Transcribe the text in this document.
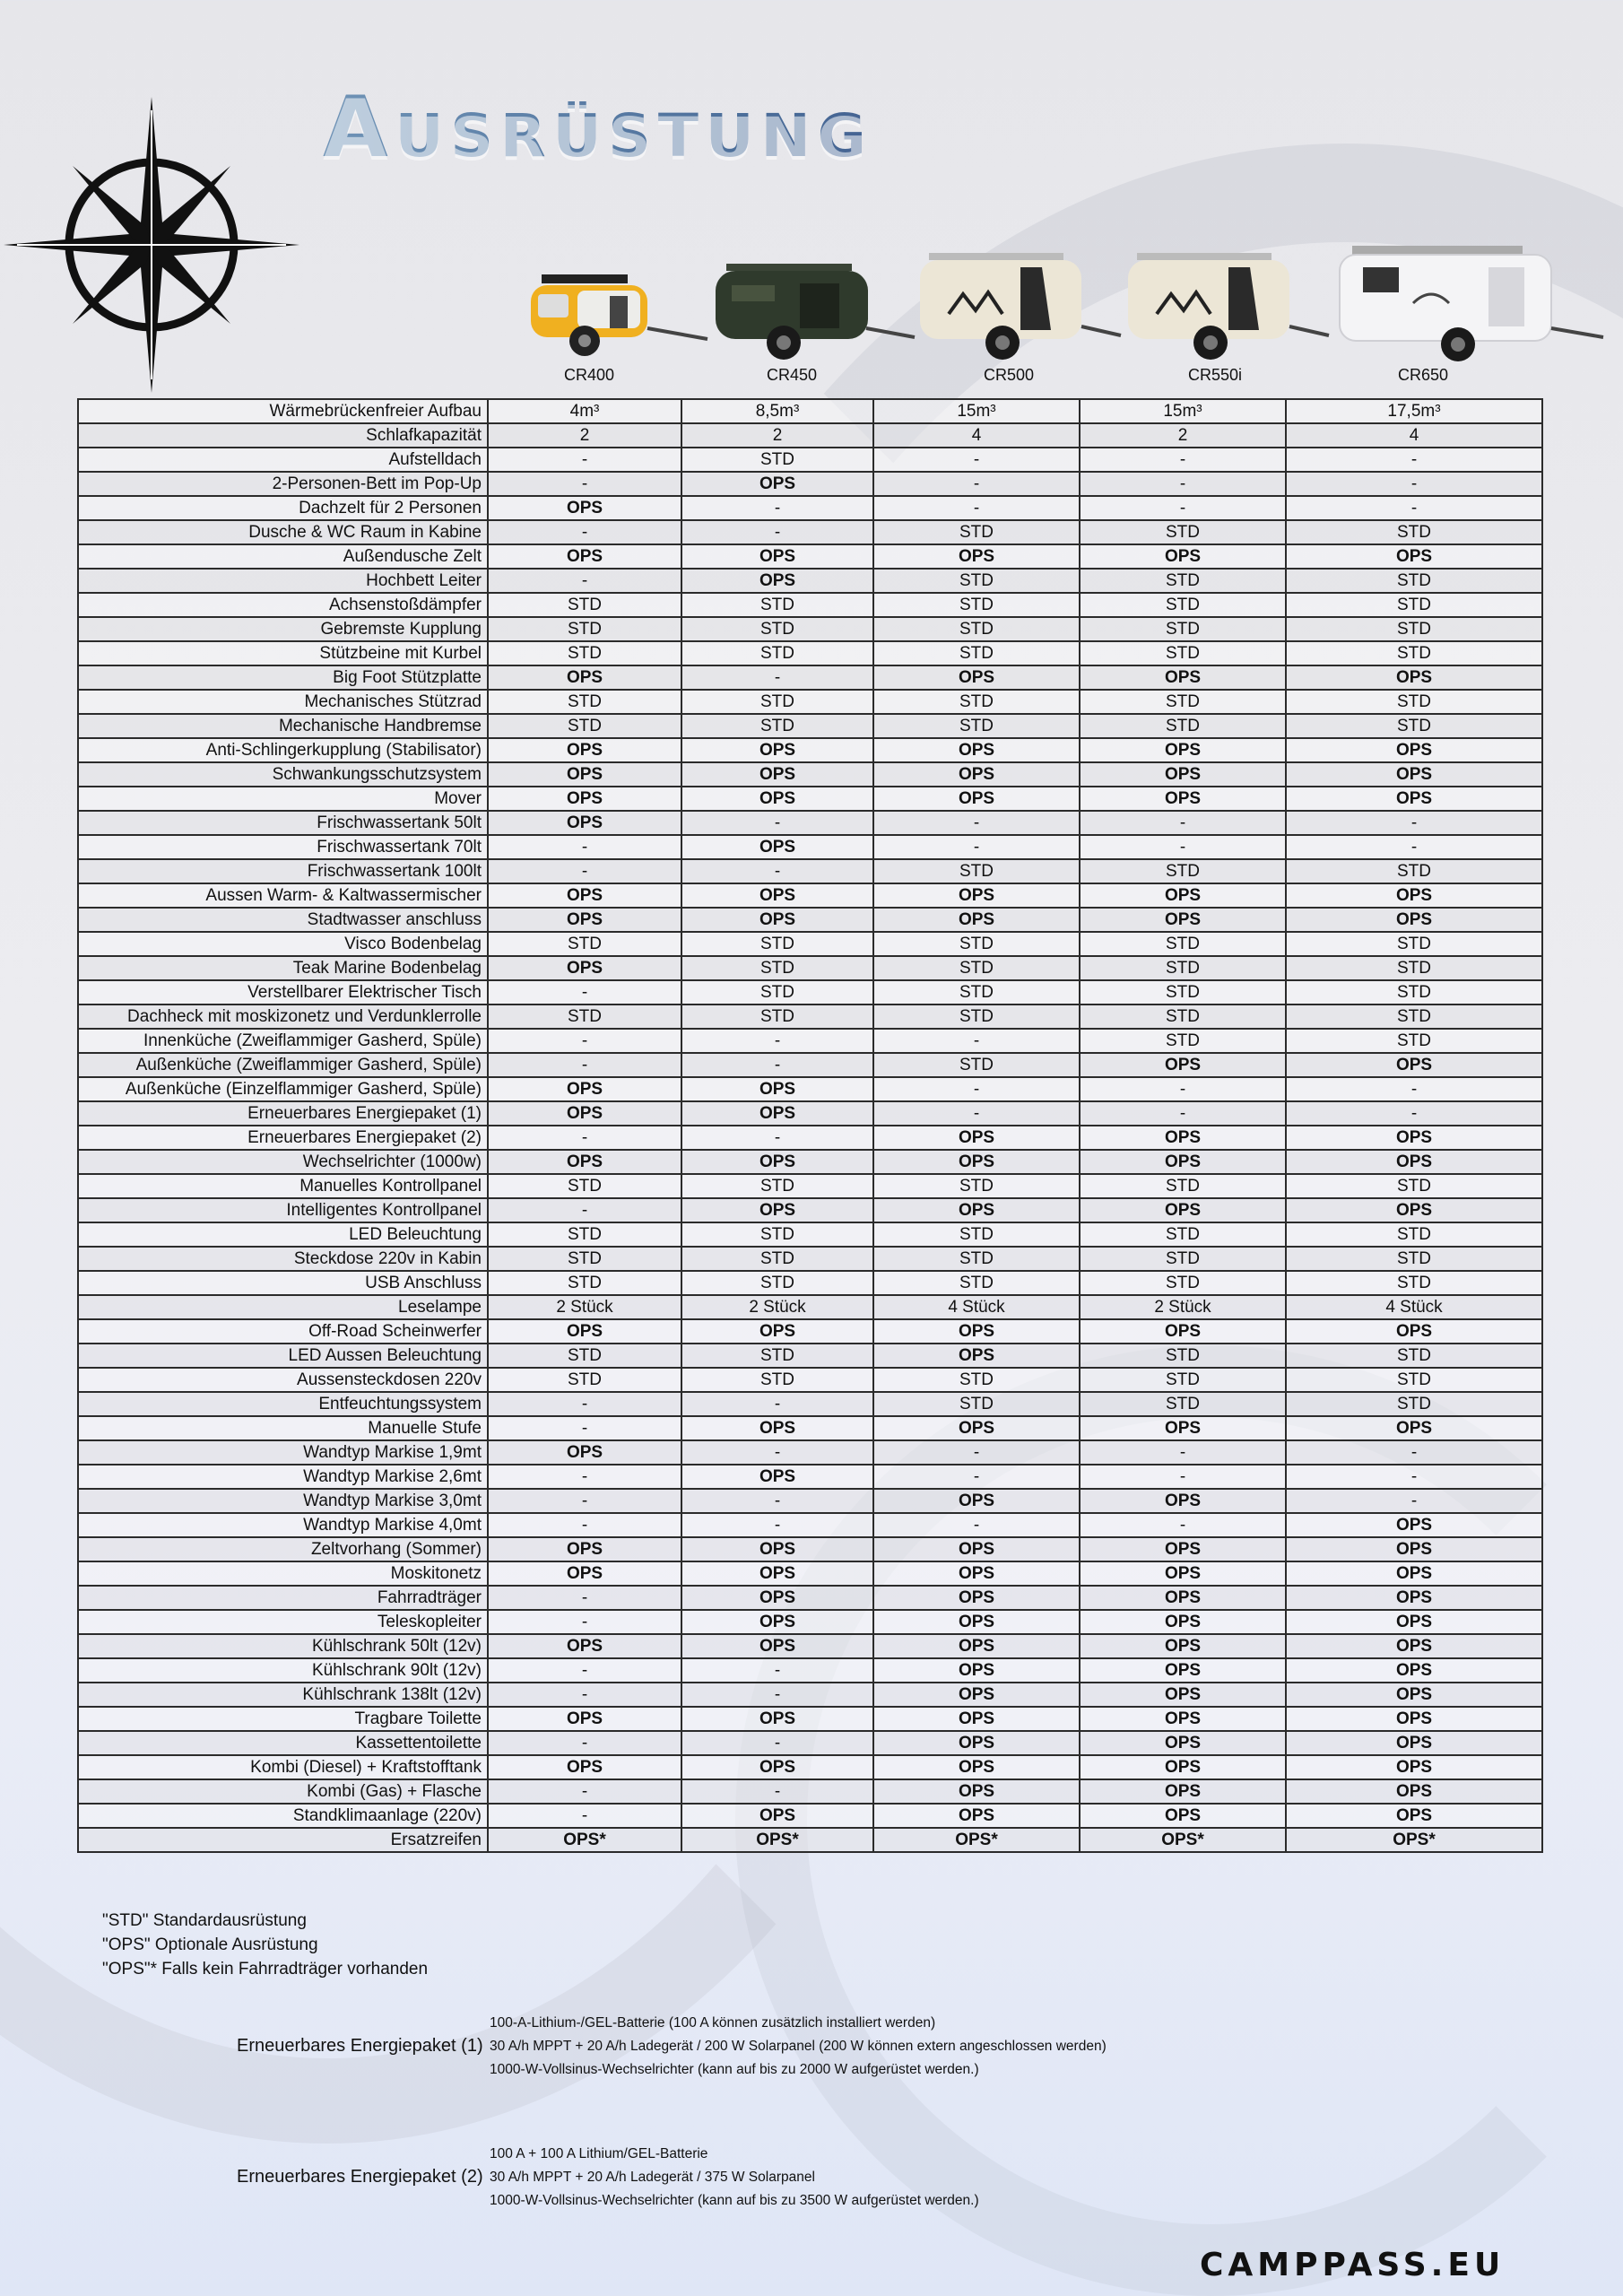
Ausrüstung
CR400	CR450	CR500	CR550i	CR650
Wärmebrückenfreier Aufbau	4m³	8,5m³	15m³	15m³	17,5m³
Schlafkapazität	2	2	4	2	4
Aufstelldach	-	STD	-	-	-
2-Personen-Bett im Pop-Up	-	OPS	-	-	-
Dachzelt für 2 Personen	OPS	-	-	-	-
Dusche & WC Raum in Kabine	-	-	STD	STD	STD
Außendusche Zelt	OPS	OPS	OPS	OPS	OPS
Hochbett Leiter	-	OPS	STD	STD	STD
Achsenstoßdämpfer	STD	STD	STD	STD	STD
Gebremste Kupplung	STD	STD	STD	STD	STD
Stützbeine mit Kurbel	STD	STD	STD	STD	STD
Big Foot Stützplatte	OPS	-	OPS	OPS	OPS
Mechanisches Stützrad	STD	STD	STD	STD	STD
Mechanische Handbremse	STD	STD	STD	STD	STD
Anti-Schlingerkupplung (Stabilisator)	OPS	OPS	OPS	OPS	OPS
Schwankungsschutzsystem	OPS	OPS	OPS	OPS	OPS
Mover	OPS	OPS	OPS	OPS	OPS
Frischwassertank 50lt	OPS	-	-	-	-
Frischwassertank 70lt	-	OPS	-	-	-
Frischwassertank 100lt	-	-	STD	STD	STD
Aussen Warm- & Kaltwassermischer	OPS	OPS	OPS	OPS	OPS
Stadtwasser anschluss	OPS	OPS	OPS	OPS	OPS
Visco Bodenbelag	STD	STD	STD	STD	STD
Teak Marine Bodenbelag	OPS	STD	STD	STD	STD
Verstellbarer Elektrischer Tisch	-	STD	STD	STD	STD
Dachheck mit moskizonetz und Verdunklerrolle	STD	STD	STD	STD	STD
Innenküche (Zweiflammiger Gasherd, Spüle)	-	-	-	STD	STD
Außenküche (Zweiflammiger Gasherd, Spüle)	-	-	STD	OPS	OPS
Außenküche (Einzelflammiger Gasherd, Spüle)	OPS	OPS	-	-	-
Erneuerbares Energiepaket (1)	OPS	OPS	-	-	-
Erneuerbares Energiepaket (2)	-	-	OPS	OPS	OPS
Wechselrichter (1000w)	OPS	OPS	OPS	OPS	OPS
Manuelles Kontrollpanel	STD	STD	STD	STD	STD
Intelligentes Kontrollpanel	-	OPS	OPS	OPS	OPS
LED Beleuchtung	STD	STD	STD	STD	STD
Steckdose 220v in Kabin	STD	STD	STD	STD	STD
USB Anschluss	STD	STD	STD	STD	STD
Leselampe	2 Stück	2 Stück	4 Stück	2 Stück	4 Stück
Off-Road Scheinwerfer	OPS	OPS	OPS	OPS	OPS
LED Aussen Beleuchtung	STD	STD	OPS	STD	STD
Aussensteckdosen 220v	STD	STD	STD	STD	STD
Entfeuchtungssystem	-	-	STD	STD	STD
Manuelle Stufe	-	OPS	OPS	OPS	OPS
Wandtyp Markise 1,9mt	OPS	-	-	-	-
Wandtyp Markise 2,6mt	-	OPS	-	-	-
Wandtyp Markise 3,0mt	-	-	OPS	OPS	-
Wandtyp Markise 4,0mt	-	-	-	-	OPS
Zeltvorhang (Sommer)	OPS	OPS	OPS	OPS	OPS
Moskitonetz	OPS	OPS	OPS	OPS	OPS
Fahrradträger	-	OPS	OPS	OPS	OPS
Teleskopleiter	-	OPS	OPS	OPS	OPS
Kühlschrank 50lt (12v)	OPS	OPS	OPS	OPS	OPS
Kühlschrank 90lt (12v)	-	-	OPS	OPS	OPS
Kühlschrank 138lt (12v)	-	-	OPS	OPS	OPS
Tragbare Toilette	OPS	OPS	OPS	OPS	OPS
Kassettentoilette	-	-	OPS	OPS	OPS
Kombi (Diesel) + Kraftstofftank	OPS	OPS	OPS	OPS	OPS
Kombi (Gas) + Flasche	-	-	OPS	OPS	OPS
Standklimaanlage (220v)	-	OPS	OPS	OPS	OPS
Ersatzreifen	OPS*	OPS*	OPS*	OPS*	OPS*
"STD" Standardausrüstung
"OPS" Optionale Ausrüstung
"OPS"* Falls kein Fahrradträger vorhanden
Erneuerbares Energiepaket (1)
100-A-Lithium-/GEL-Batterie (100 A können zusätzlich installiert werden)
30 A/h MPPT + 20 A/h Ladegerät / 200 W Solarpanel (200 W können extern angeschlossen werden)
1000-W-Vollsinus-Wechselrichter (kann auf bis zu 2000 W aufgerüstet werden.)
Erneuerbares Energiepaket (2)
100 A + 100 A Lithium/GEL-Batterie
30 A/h MPPT + 20 A/h Ladegerät / 375 W Solarpanel
1000-W-Vollsinus-Wechselrichter (kann auf bis zu 3500 W aufgerüstet werden.)
CAMPPASS.EU
